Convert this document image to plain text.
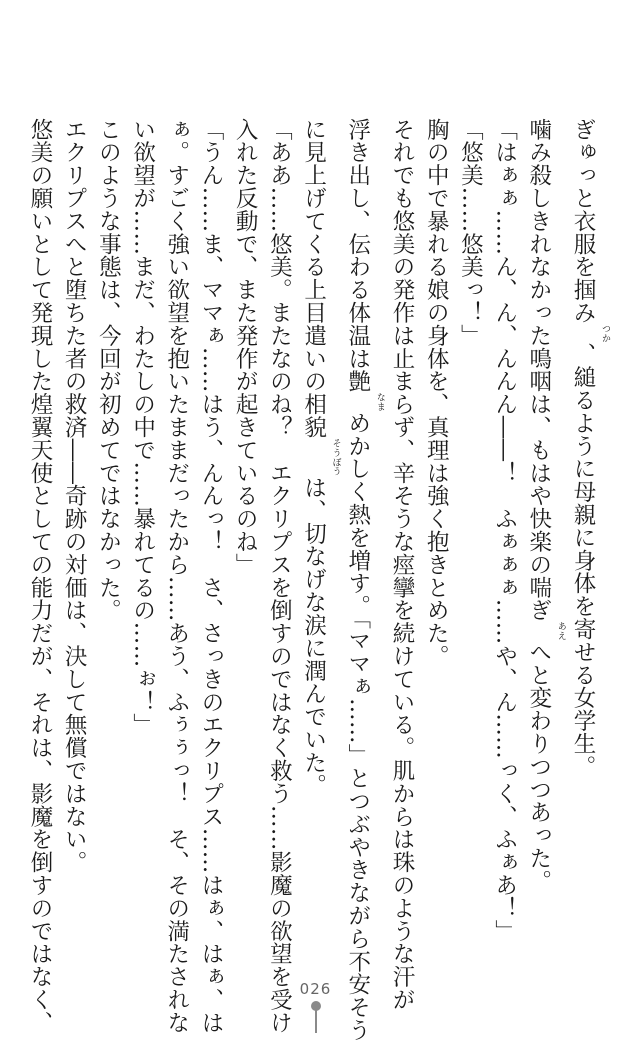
ぎゅっと衣服を掴みつか、縋るように母親に身体を寄せる女学生。
噛み殺しきれなかった鳴咽は、もはや快楽の喘ぎあえへと変わりつつあった。
「はぁぁ……ん、ん、んんん――！　ふぁぁぁ……や、ん……っく、ふぁあ！」
「悠美……悠美っ！」
胸の中で暴れる娘の身体を、真理は強く抱きとめた。
それでも悠美の発作は止まらず、辛そうな痙攣を続けている。肌からは珠のような汗が
浮き出し、伝わる体温は艶なまめかしく熱を増す。「ママぁ……」とつぶやきながら不安そう
に見上げてくる上目遣いの相貌そうぼうは、切なげな涙に潤んでいた。
「ああ……悠美。またなのね？　エクリプスを倒すのではなく救う……影魔の欲望を受け
入れた反動で、また発作が起きているのね」
「うん……ま、ママぁ……はう、んんっ！　さ、さっきのエクリプス……はぁ、はぁ、は
ぁ。すごく強い欲望を抱いたままだったから……あう、ふぅぅっ！　そ、その満たされな
い欲望が……まだ、わたしの中で……暴れてるの……ぉ！」
このような事態は、今回が初めてではなかった。
エクリプスへと堕ちた者の救済――奇跡の対価は、決して無償ではない。
悠美の願いとして発現した煌翼天使としての能力だが、それは、影魔を倒すのではなく、	026
